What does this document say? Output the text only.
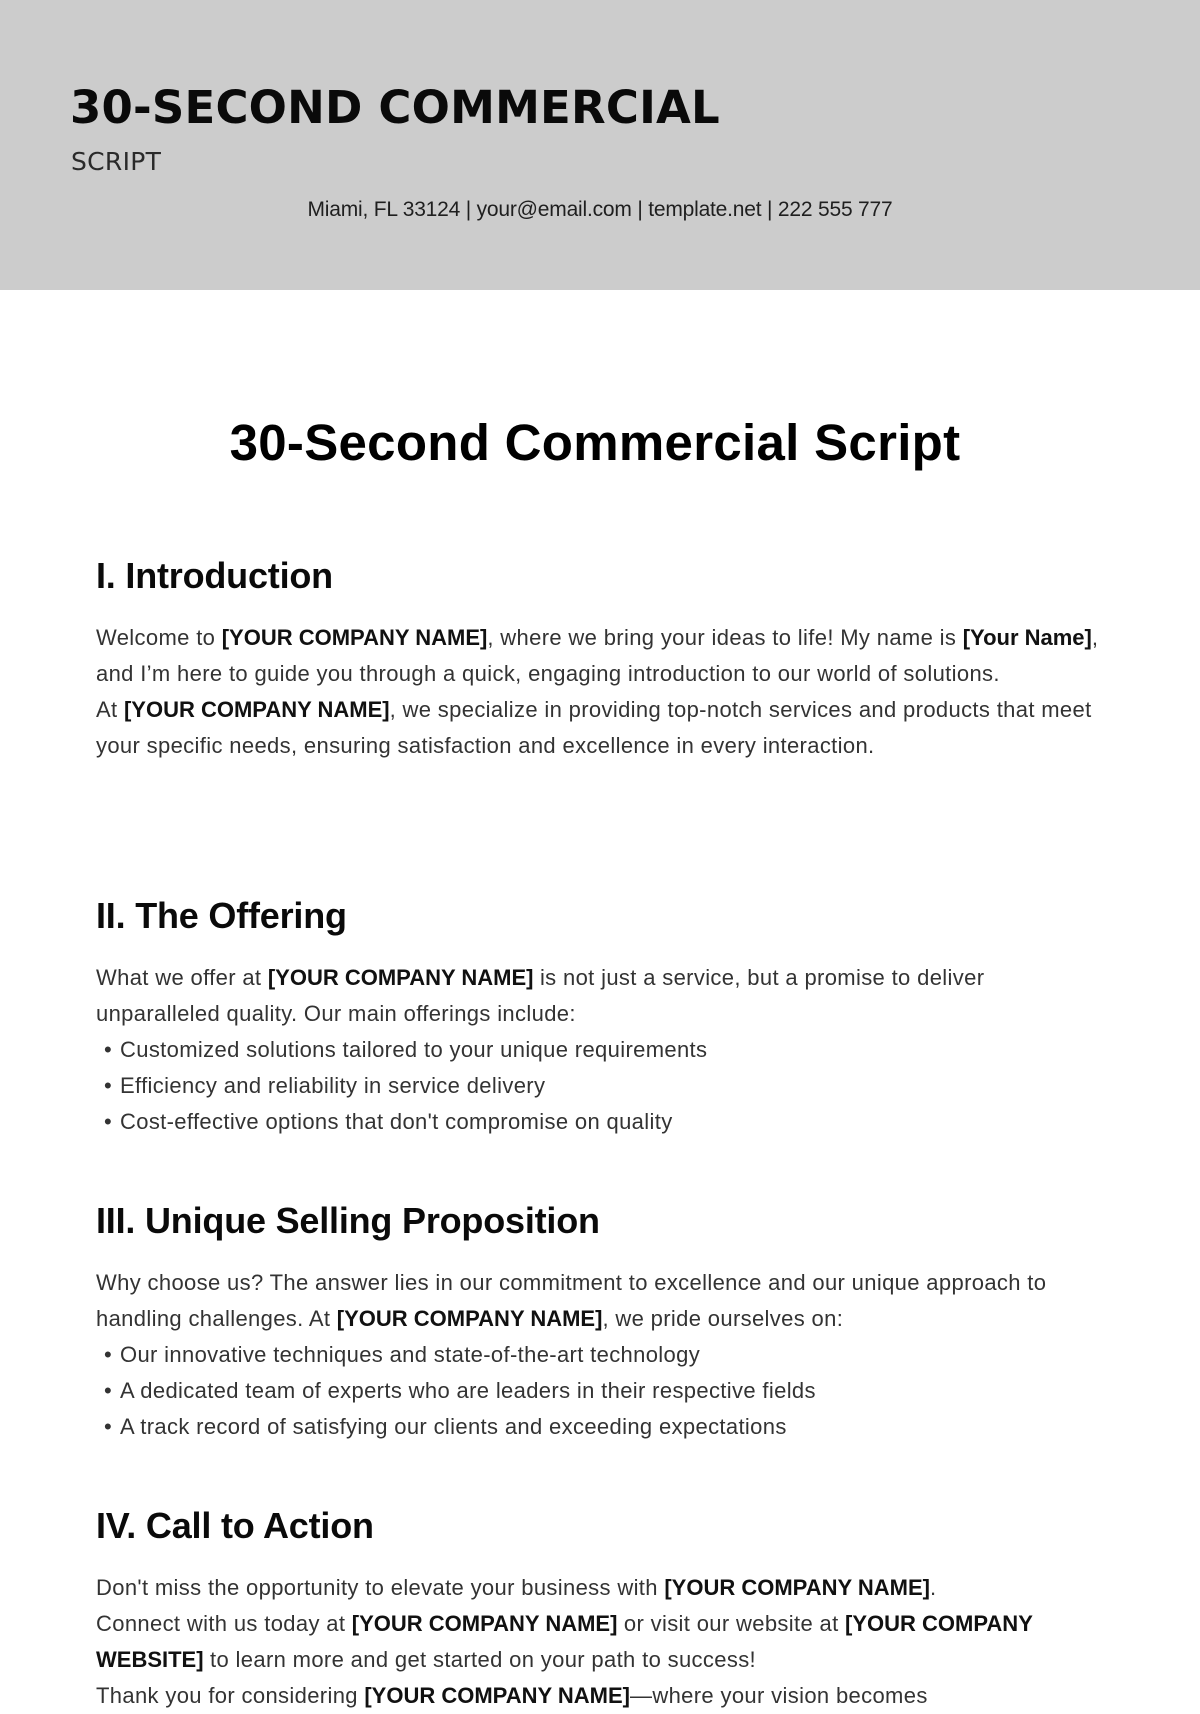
30-SECOND COMMERCIAL
SCRIPT
Miami, FL 33124 | your@email.com | template.net | 222 555 777
30-Second Commercial Script
I. Introduction

Welcome to [YOUR COMPANY NAME], where we bring your ideas to life! My name is [Your Name], and I’m here to guide you through a quick, engaging introduction to our world of solutions.

At [YOUR COMPANY NAME], we specialize in providing top-notch services and products that meet your specific needs, ensuring satisfaction and excellence in every interaction.

II. The Offering

What we offer at [YOUR COMPANY NAME] is not just a service, but a promise to deliver unparalleled quality. Our main offerings include:

• Customized solutions tailored to your unique requirements
• Efficiency and reliability in service delivery
• Cost-effective options that don't compromise on quality
III. Unique Selling Proposition

Why choose us? The answer lies in our commitment to excellence and our unique approach to handling challenges. At [YOUR COMPANY NAME], we pride ourselves on:

• Our innovative techniques and state-of-the-art technology
• A dedicated team of experts who are leaders in their respective fields
• A track record of satisfying our clients and exceeding expectations
IV. Call to Action

Don't miss the opportunity to elevate your business with [YOUR COMPANY NAME].

Connect with us today at [YOUR COMPANY NAME] or visit our website at [YOUR COMPANY WEBSITE] to learn more and get started on your path to success!

Thank you for considering [YOUR COMPANY NAME]—where your vision becomes
